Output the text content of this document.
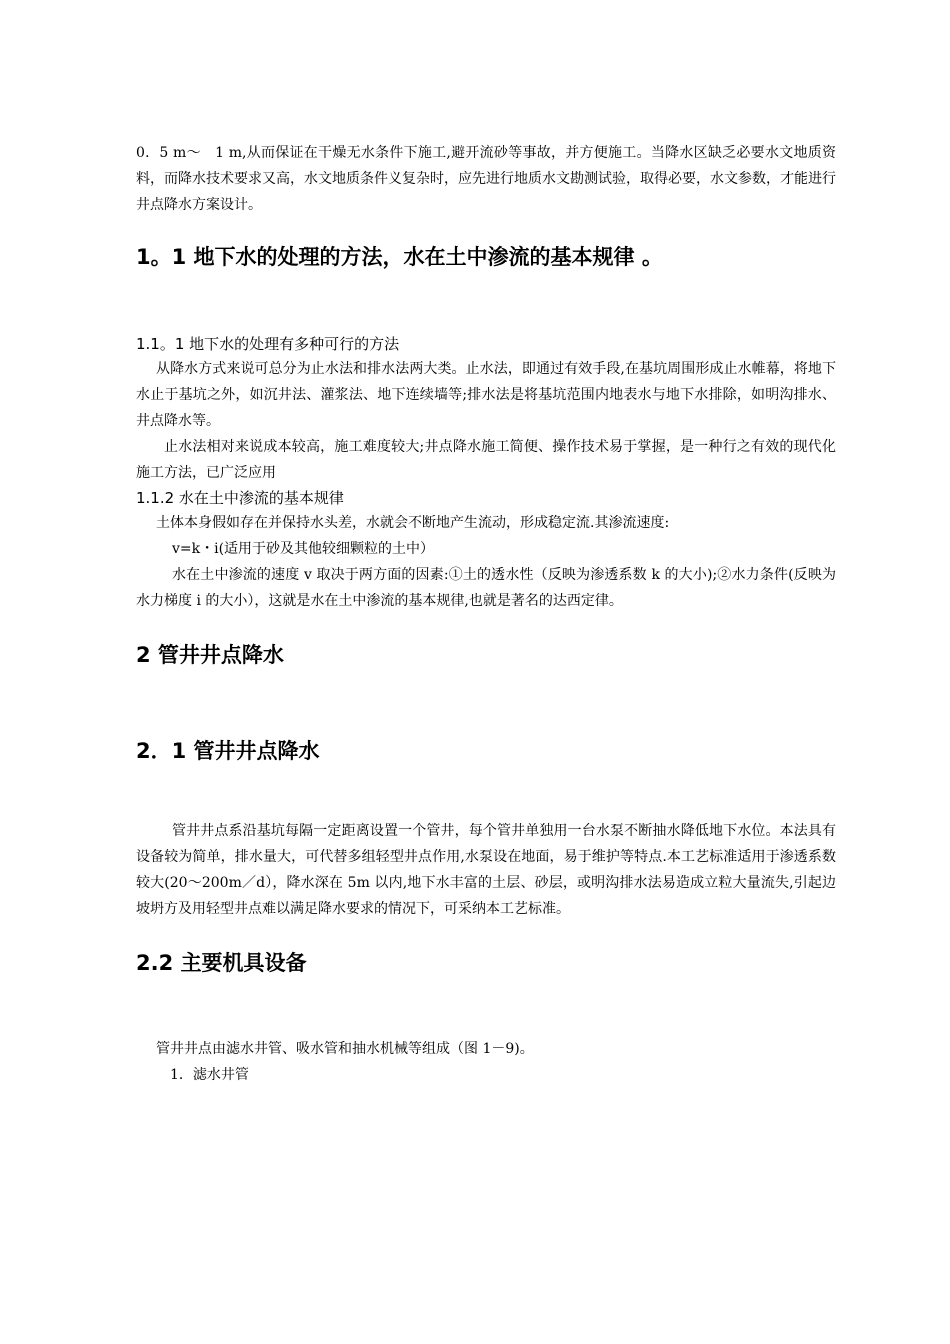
0．5 m～　1 m,从而保证在干燥无水条件下施工,避开流砂等事故，并方便施工。当降水区缺乏必要水文地质资料，而降水技术要求又高，水文地质条件义复杂时，应先进行地质水文勘测试验，取得必要，水文参数，才能进行井点降水方案设计。

1。1 地下水的处理的方法，水在土中渗流的基本规律 。
1.1。1 地下水的处理有多种可行的方法

从降水方式来说可总分为止水法和排水法两大类。止水法，即通过有效手段,在基坑周围形成止水帷幕，将地下水止于基坑之外，如沉井法、灌浆法、地下连续墙等;排水法是将基坑范围内地表水与地下水排除，如明沟排水、井点降水等。

止水法相对来说成本较高，施工难度较大;井点降水施工简便、操作技术易于掌握，是一种行之有效的现代化施工方法，已广泛应用

1.1.2 水在土中渗流的基本规律

土体本身假如存在并保持水头差，水就会不断地产生流动，形成稳定流.其渗流速度:

v=k・i(适用于砂及其他较细颗粒的土中）

水在土中渗流的速度 v 取决于两方面的因素:①土的透水性（反映为渗透系数 k 的大小);②水力条件(反映为水力梯度 i 的大小），这就是水在土中渗流的基本规律,也就是著名的达西定律。

2 管井井点降水
2．1 管井井点降水

管井井点系沿基坑每隔一定距离设置一个管井，每个管井单独用一台水泵不断抽水降低地下水位。本法具有设备较为简单，排水量大，可代替多组轻型井点作用,水泵设在地面，易于维护等特点.本工艺标准适用于渗透系数较大(20～200m／d），降水深在 5m 以内,地下水丰富的土层、砂层，或明沟排水法易造成立粒大量流失,引起边坡坍方及用轻型井点难以满足降水要求的情况下，可采纳本工艺标准。

2.2 主要机具设备

管井井点由滤水井管、吸水管和抽水机械等组成（图 1－9)。

1．滤水井管
